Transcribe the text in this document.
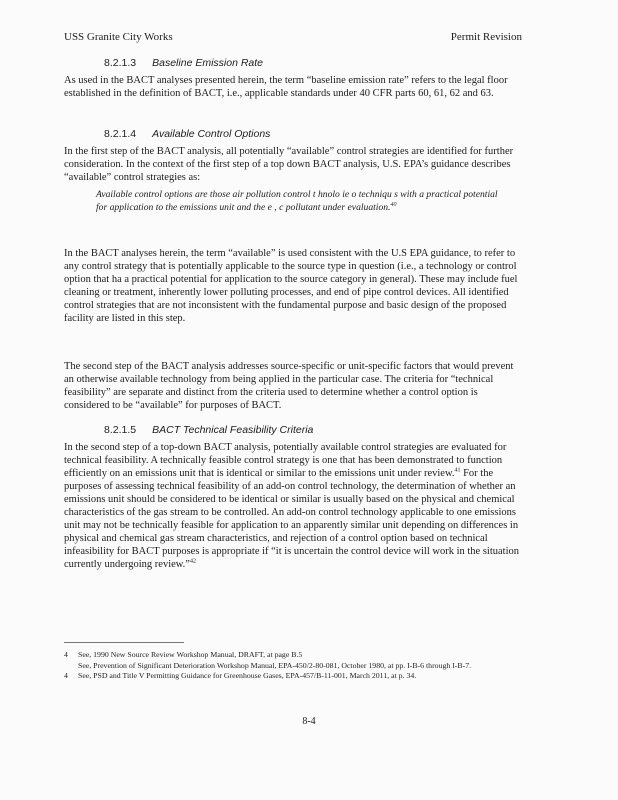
USS Granite City Works	Permit Revision
8.2.1.3 Baseline Emission Rate
As used in the BACT analyses presented herein, the term “baseline emission rate” refers to the legal floor established in the definition of BACT, i.e., applicable standards under 40 CFR parts 60, 61, 62 and 63.
8.2.1.4 Available Control Options
In the first step of the BACT analysis, all potentially “available” control strategies are identified for further consideration. In the context of the first step of a top down BACT analysis, U.S. EPA’s guidance describes “available” control strategies as:
Available control options are those air pollution control t hnolo ie o techniqu s with a practical potential for application to the emissions unit and the e , c pollutant under evaluation.$^{40}$
In the BACT analyses herein, the term “available” is used consistent with the U.S EPA guidance, to refer to any control strategy that is potentially applicable to the source type in question (i.e., a technology or control option that ha a practical potential for application to the source category in general). These may include fuel cleaning or treatment, inherently lower polluting processes, and end of pipe control devices. All identified control strategies that are not inconsistent with the fundamental purpose and basic design of the proposed facility are listed in this step.
The second step of the BACT analysis addresses source-specific or unit-specific factors that would prevent an otherwise available technology from being applied in the particular case. The criteria for “technical feasibility” are separate and distinct from the criteria used to determine whether a control option is considered to be “available” for purposes of BACT.
8.2.1.5 BACT Technical Feasibility Criteria
In the second step of a top-down BACT analysis, potentially available control strategies are evaluated for technical feasibility. A technically feasible control strategy is one that has been demonstrated to function efficiently on an emissions unit that is identical or similar to the emissions unit under review.$^{41}$ For the purposes of assessing technical feasibility of an add-on control technology, the determination of whether an emissions unit should be considered to be identical or similar is usually based on the physical and chemical characteristics of the gas stream to be controlled. An add-on control technology applicable to one emissions unit may not be technically feasible for application to an apparently similar unit depending on differences in physical and chemical gas stream characteristics, and rejection of a control option based on technical infeasibility for BACT purposes is appropriate if “it is uncertain the control device will work in the situation currently undergoing review.”$^{42}$
4 See, 1990 New Source Review Workshop Manual, DRAFT, at page B.5
See, Prevention of Significant Deterioration Workshop Manual, EPA-450/2-80-081, October 1980, at pp. I-B-6 through I-B-7.
4 See, PSD and Title V Permitting Guidance for Greenhouse Gases, EPA-457/B-11-001, March 2011, at p. 34.
8-4
